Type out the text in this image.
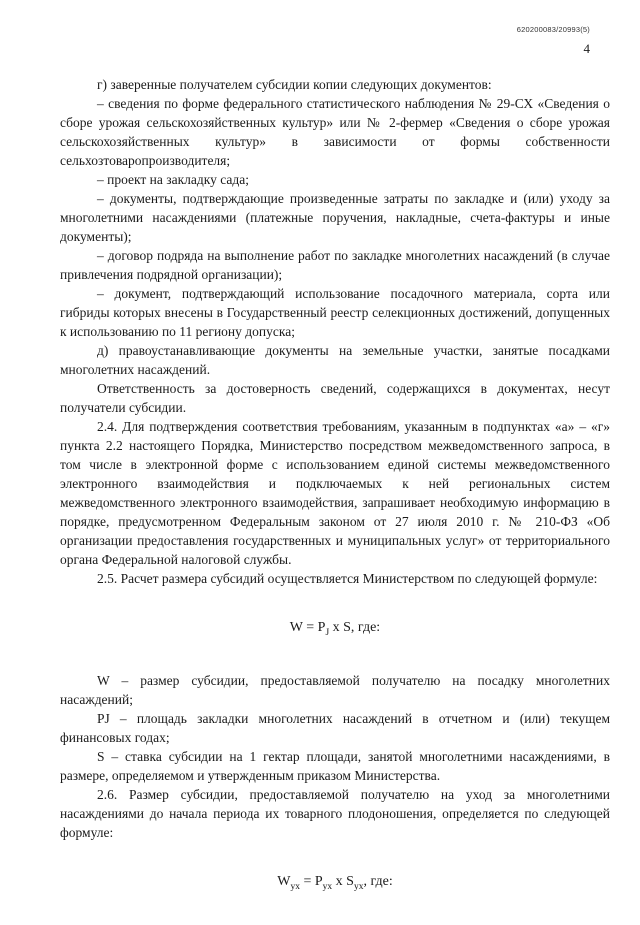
620200083/20993(5)
4

г) заверенные получателем субсидии копии следующих документов:

– сведения по форме федерального статистического наблюдения № 29-СХ «Сведения о сборе урожая сельскохозяйственных культур» или № 2-фермер «Сведения о сборе урожая сельскохозяйственных культур» в зависимости от формы собственности сельхозтоваропроизводителя;

– проект на закладку сада;

– документы, подтверждающие произведенные затраты по закладке и (или) уходу за многолетними насаждениями (платежные поручения, накладные, счета-фактуры и иные документы);

– договор подряда на выполнение работ по закладке многолетних насаждений (в случае привлечения подрядной организации);

– документ, подтверждающий использование посадочного материала, сорта или гибриды которых внесены в Государственный реестр селекционных достижений, допущенных к использованию по 11 региону допуска;

д) правоустанавливающие документы на земельные участки, занятые посадками многолетних насаждений.

Ответственность за достоверность сведений, содержащихся в документах, несут получатели субсидии.

2.4. Для подтверждения соответствия требованиям, указанным в подпунктах «а» – «г» пункта 2.2 настоящего Порядка, Министерство посредством межведомственного запроса, в том числе в электронной форме с использованием единой системы межведомственного электронного взаимодействия и подключаемых к ней региональных систем межведомственного электронного взаимодействия, запрашивает необходимую информацию в порядке, предусмотренном Федеральным законом от 27 июля 2010 г. № 210-ФЗ «Об организации предоставления государственных и муниципальных услуг» от территориального органа Федеральной налоговой службы.

2.5. Расчет размера субсидий осуществляется Министерством по следующей формуле:

$W = P_J$ x S, где:

W – размер субсидии, предоставляемой получателю на посадку многолетних насаждений;

PJ – площадь закладки многолетних насаждений в отчетном и (или) текущем финансовых годах;

S – ставка субсидии на 1 гектар площади, занятой многолетними насаждениями, в размере, определяемом и утвержденным приказом Министерства.

2.6. Размер субсидии, предоставляемой получателю на уход за многолетними насаждениями до начала периода их товарного плодоношения, определяется по следующей формуле:

$W_{ух} = P_{ух}$ x $S_{ух}$, где:
